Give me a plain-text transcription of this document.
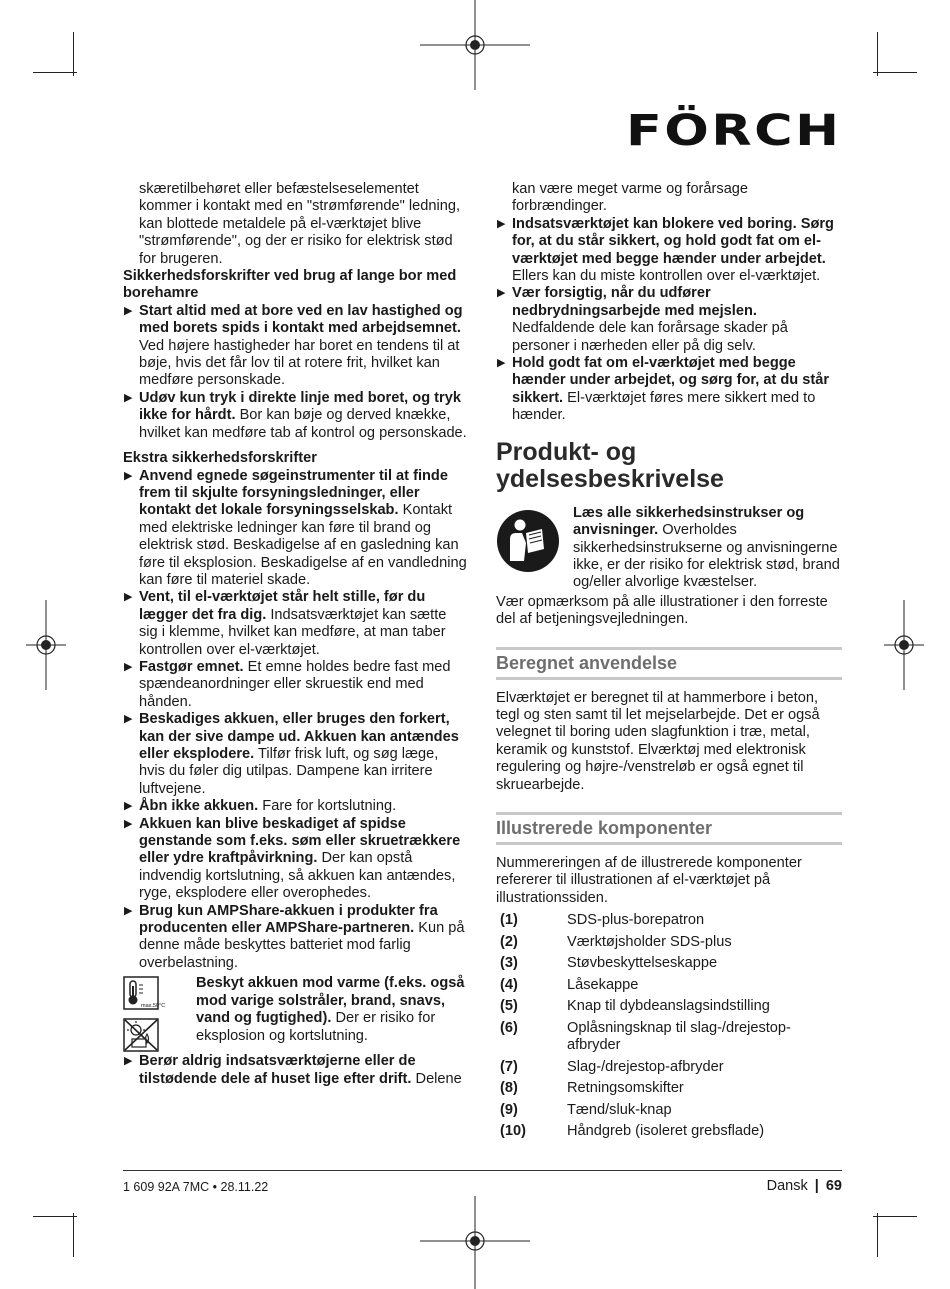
FÖRCH

skæretilbehøret eller befæstelseselementet kommer i kontakt med en "strømførende" ledning, kan blottede metaldele på el-værktøjet blive "strømførende", og der er risiko for elektrisk stød for brugeren.

Sikkerhedsforskrifter ved brug af lange bor med borehamre

▶ Start altid med at bore ved en lav hastighed og med borets spids i kontakt med arbejdsemnet. Ved højere hastigheder har boret en tendens til at bøje, hvis det får lov til at rotere frit, hvilket kan medføre personskade.

▶ Udøv kun tryk i direkte linje med boret, og tryk ikke for hårdt. Bor kan bøje og derved knække, hvilket kan medføre tab af kontrol og personskade.

Ekstra sikkerhedsforskrifter

▶ Anvend egnede søgeinstrumenter til at finde frem til skjulte forsyningsledninger, eller kontakt det lokale forsyningsselskab. Kontakt med elektriske ledninger kan føre til brand og elektrisk stød. Beskadigelse af en gasledning kan føre til eksplosion. Beskadigelse af en vandledning kan føre til materiel skade.

▶ Vent, til el-værktøjet står helt stille, før du lægger det fra dig. Indsatsværktøjet kan sætte sig i klemme, hvilket kan medføre, at man taber kontrollen over el-værktøjet.

▶ Fastgør emnet. Et emne holdes bedre fast med spændeanordninger eller skruestik end med hånden.

▶ Beskadiges akkuen, eller bruges den forkert, kan der sive dampe ud. Akkuen kan antændes eller eksplodere. Tilfør frisk luft, og søg læge, hvis du føler dig utilpas. Dampene kan irritere luftvejene.

▶ Åbn ikke akkuen. Fare for kortslutning.

▶ Akkuen kan blive beskadiget af spidse genstande som f.eks. søm eller skruetrækkere eller ydre kraftpåvirkning. Der kan opstå indvendig kortslutning, så akkuen kan antændes, ryge, eksplodere eller overophedes.

▶ Brug kun AMPShare-akkuen i produkter fra producenten eller AMPShare-partneren. Kun på denne måde beskyttes batteriet mod farlig overbelastning.

max.50°C

Beskyt akkuen mod varme (f.eks. også mod varige solstråler, brand, snavs, vand og fugtighed). Der er risiko for eksplosion og kortslutning.

▶ Berør aldrig indsatsværktøjerne eller de tilstødende dele af huset lige efter drift. Delene

kan være meget varme og forårsage forbrændinger.

▶ Indsatsværktøjet kan blokere ved boring. Sørg for, at du står sikkert, og hold godt fat om el-værktøjet med begge hænder under arbejdet. Ellers kan du miste kontrollen over el-værktøjet.

▶ Vær forsigtig, når du udfører nedbrydningsarbejde med mejslen. Nedfaldende dele kan forårsage skader på personer i nærheden eller på dig selv.

▶ Hold godt fat om el-værktøjet med begge hænder under arbejdet, og sørg for, at du står sikkert. El-værktøjet føres mere sikkert med to hænder.

Produkt- og ydelsesbeskrivelse

Læs alle sikkerhedsinstrukser og anvisninger. Overholdes sikkerhedsinstrukserne og anvisningerne ikke, er der risiko for elektrisk stød, brand og/eller alvorlige kvæstelser.

Vær opmærksom på alle illustrationer i den forreste del af betjeningsvejledningen.

Beregnet anvendelse

Elværktøjet er beregnet til at hammerbore i beton, tegl og sten samt til let mejselarbejde. Det er også velegnet til boring uden slagfunktion i træ, metal, keramik og kunststof. Elværktøj med elektronisk regulering og højre-/venstreløb er også egnet til skruearbejde.

Illustrerede komponenter

Nummereringen af de illustrerede komponenter refererer til illustrationen af el-værktøjet på illustrationssiden.

(1)	SDS-plus-borepatron
(2)	Værktøjsholder SDS-plus
(3)	Støvbeskyttelseskappe
(4)	Låsekappe
(5)	Knap til dybdeanslagsindstilling
(6)	Oplåsningsknap til slag-/drejestop-afbryder
(7)	Slag-/drejestop-afbryder
(8)	Retningsomskifter
(9)	Tænd/sluk-knap
(10)	Håndgreb (isoleret grebsflade)
1 609 92A 7MC • 28.11.22	Dansk | 69
